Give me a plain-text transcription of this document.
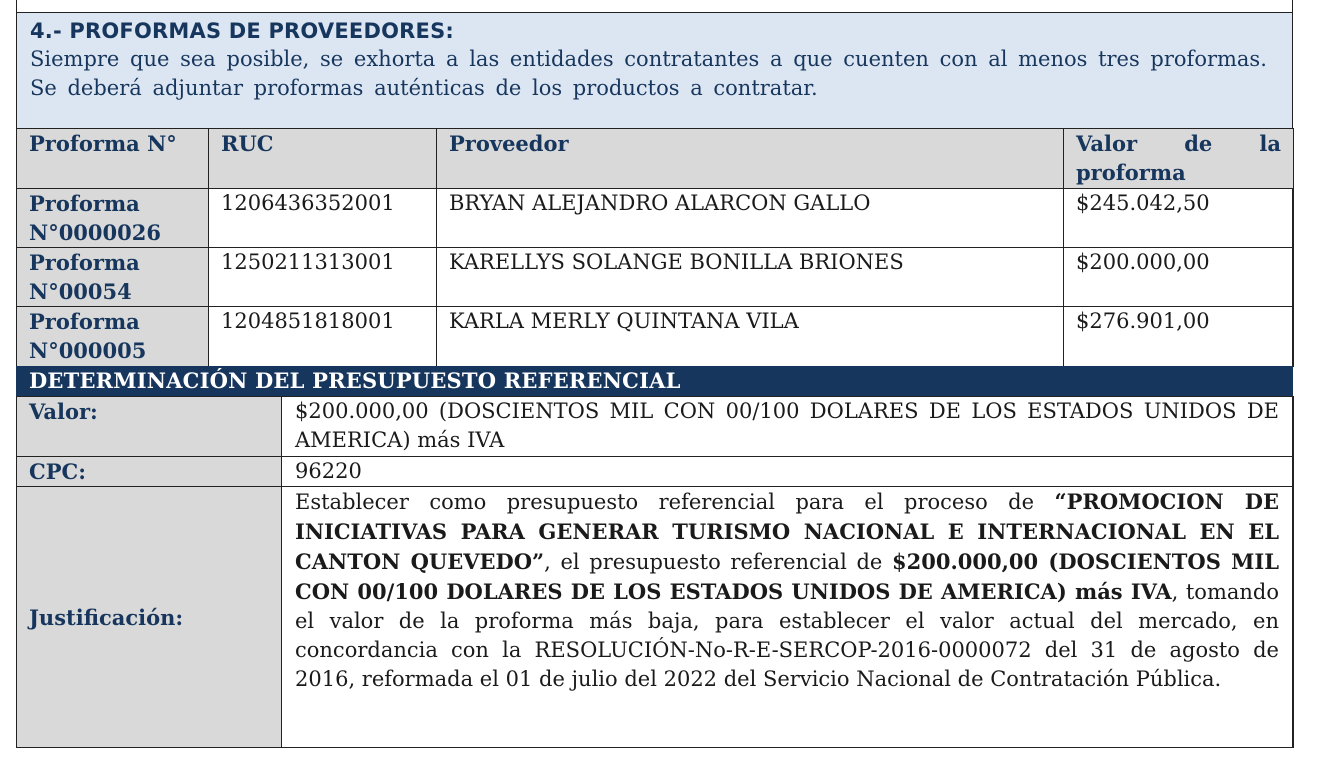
4.- PROFORMAS DE PROVEEDORES:
Siempre que sea posible, se exhorta a las entidades contratantes a que cuenten con al menos tres proformas.
Se deberá adjuntar proformas auténticas de los productos a contratar.
Proforma N°	RUC	Proveedor	Valor de la
proforma

Proforma
N°0000026	1206436352001	BRYAN ALEJANDRO ALARCON GALLO	$245.042,50

Proforma
N°00054	1250211313001	KARELLYS SOLANGE BONILLA BRIONES	$200.000,00

Proforma
N°000005	1204851818001	KARLA MERLY QUINTANA VILA	$276.901,00
DETERMINACIÓN DEL PRESUPUESTO REFERENCIAL
Valor:	$200.000,00 (DOSCIENTOS MIL CON 00/100 DOLARES DE LOS ESTADOS UNIDOS DE AMERICA) más IVA
CPC:	96220
Justificación:	Establecer como presupuesto referencial para el proceso de “PROMOCION DE INICIATIVAS PARA GENERAR TURISMO NACIONAL E INTERNACIONAL EN EL CANTON QUEVEDO”, el presupuesto referencial de $200.000,00 (DOSCIENTOS MIL CON 00/100 DOLARES DE LOS ESTADOS UNIDOS DE AMERICA) más IVA, tomando el valor de la proforma más baja, para establecer el valor actual del mercado, en concordancia con la RESOLUCIÓN-No-R-E-SERCOP-2016-0000072 del 31 de agosto de 2016, reformada el 01 de julio del 2022 del Servicio Nacional de Contratación Pública.
